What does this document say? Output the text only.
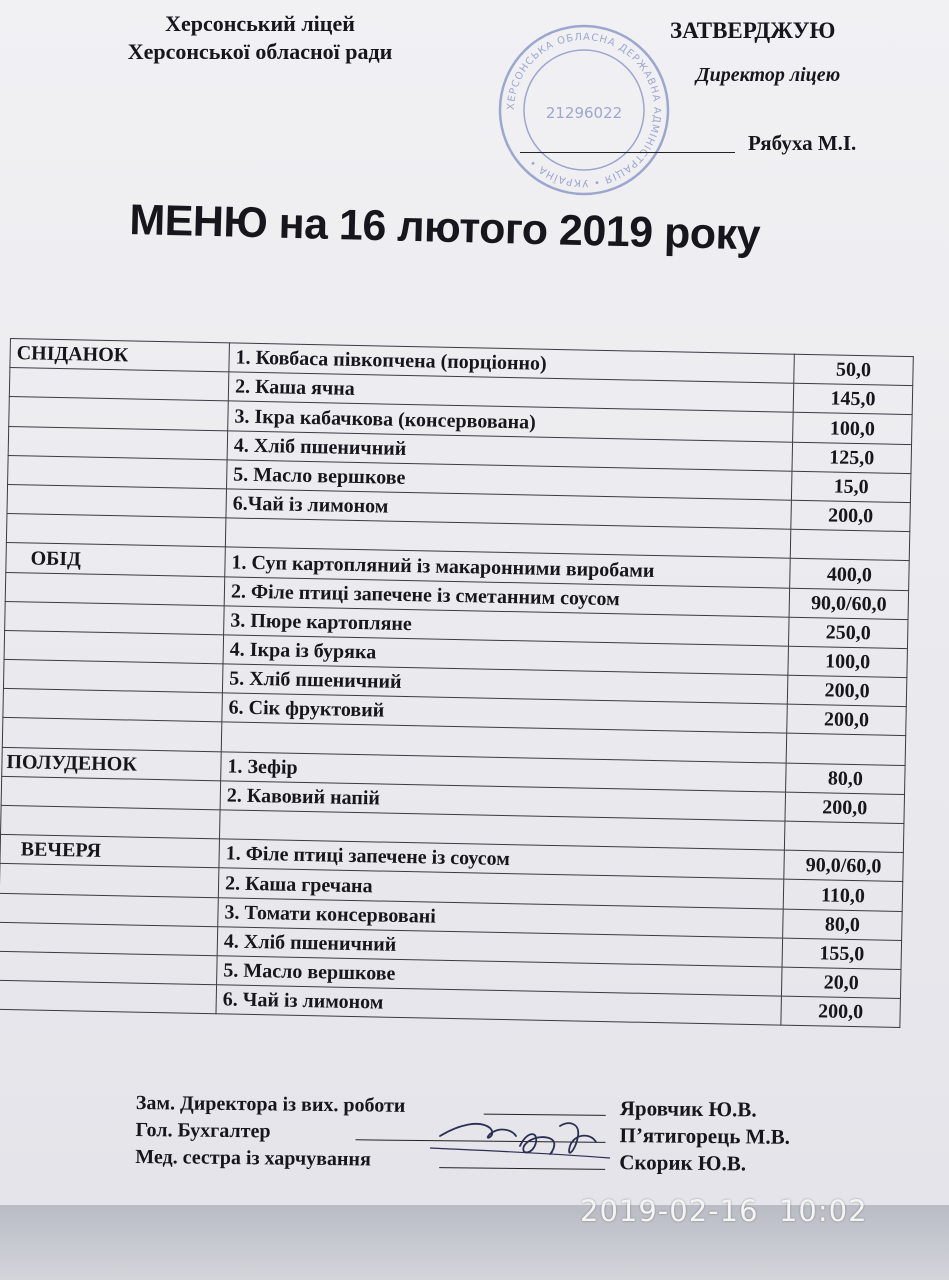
Херсонський ліцей
Херсонської обласної ради
ХЕРСОНСЬКА ОБЛАСНА ДЕРЖАВНА АДМІНІСТРАЦІЯ • УКРАЇНА •
21296022
ЗАТВЕРДЖУЮ
Директор ліцею
Рябуха М.І.
МЕНЮ на 16 лютого 2019 року
СНІДАНОК	1. Ковбаса півкопчена (порціонно)	50,0
	2. Каша ячна	145,0
	3. Ікра кабачкова (консервована)	100,0
	4. Хліб пшеничний	125,0
	5. Масло вершкове	15,0
	6.Чай із лимоном	200,0

ОБІД	1. Суп картопляний із макаронними виробами	400,0
	2. Філе птиці запечене із сметанним соусом	90,0/60,0
	3. Пюре картопляне	250,0
	4. Ікра із буряка	100,0
	5. Хліб пшеничний	200,0
	6. Сік фруктовий	200,0

ПОЛУДЕНОК	1. Зефір	80,0
	2. Кавовий напій	200,0

ВЕЧЕРЯ	1. Філе птиці запечене із соусом	90,0/60,0
	2. Каша гречана	110,0
	3. Томати консервовані	80,0
	4. Хліб пшеничний	155,0
	5. Масло вершкове	20,0
	6. Чай із лимоном	200,0
Зам. Директора із вих. роботи	Яровчик Ю.В.
Гол. Бухгалтер	П’ятигорець М.В.
Мед. сестра із харчування	Скорик Ю.В.
2019-02-16  10:02
